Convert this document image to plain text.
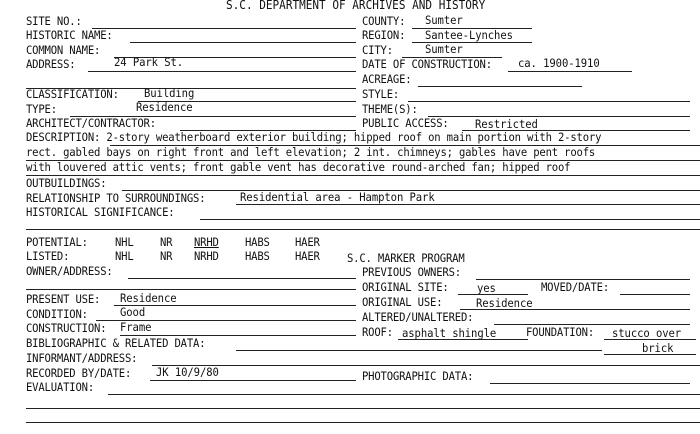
S.C. DEPARTMENT OF ARCHIVES AND HISTORY
SITE NO.:
HISTORIC NAME:
COMMON NAME:
ADDRESS:	24 Park St.
COUNTY: Sumter
REGION: Santee-Lynches
CITY:	Sumter
DATE OF CONSTRUCTION: ca. 1900-1910
ACREAGE:
CLASSIFICATION: Building
TYPE:	Residence
ARCHITECT/CONTRACTOR:
STYLE:
THEME(S):
PUBLIC ACCESS: Restricted
DESCRIPTION: 2-story weatherboard exterior building; hipped roof on main portion with 2-story
rect. gabled bays on right front and left elevation; 2 int. chimneys; gables have pent roofs
with louvered attic vents; front gable vent has decorative round-arched fan; hipped roof
OUTBUILDINGS:
RELATIONSHIP TO SURROUNDINGS:	Residential area - Hampton Park
HISTORICAL SIGNIFICANCE:
POTENTIAL: NHL NR NRHD HABS HAER
LISTED:	NHL NR NRHD HABS HAER S.C. MARKER PROGRAM
OWNER/ADDRESS:	PREVIOUS OWNERS:
ORIGINAL SITE: yes	MOVED/DATE:
PRESENT USE: Residence	ORIGINAL USE:	Residence
CONDITION:	Good	ALTERED/UNALTERED:
CONSTRUCTION: Frame	ROOF: asphalt shingle	FOUNDATION: stucco over
brick
BIBLIOGRAPHIC & RELATED DATA:
INFORMANT/ADDRESS:
RECORDED BY/DATE: JK 10/9/80	PHOTOGRAPHIC DATA:
EVALUATION:
